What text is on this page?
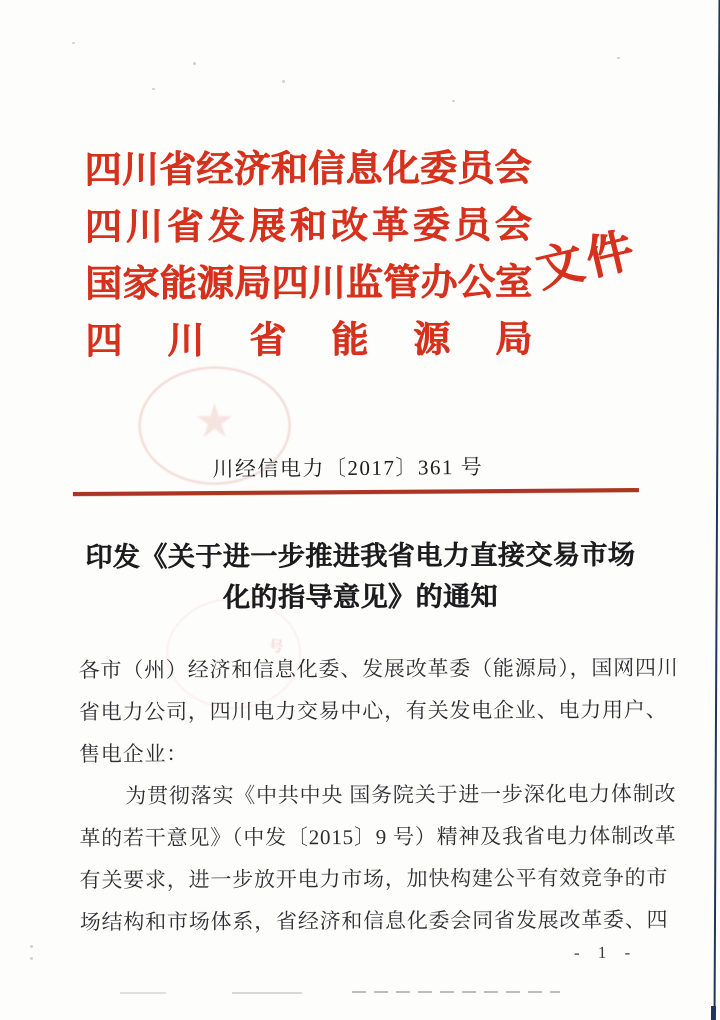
★
号
四 川 省 经 济 和 信 息 化 委 员 会
四 川 省 发 展 和 改 革 委 员 会
国 家 能 源 局 四 川 监 管 办 公 室
四 川 省 能 源 局
文件
川经信电力〔2017〕361 号
印发《关于进一步推进我省电力直接交易市场
化的指导意见》的通知
各市（州）经济和信息化委、发展改革委（能源局），国网四川
省电力公司，四川电力交易中心，有关发电企业、电力用户、
售电企业：
为贯彻落实《中共中央 国务院关于进一步深化电力体制改
革的若干意见》（中发〔2015〕9 号）精神及我省电力体制改革
有关要求，进一步放开电力市场，加快构建公平有效竞争的市
场结构和市场体系，省经济和信息化委会同省发展改革委、四
- 1 -
